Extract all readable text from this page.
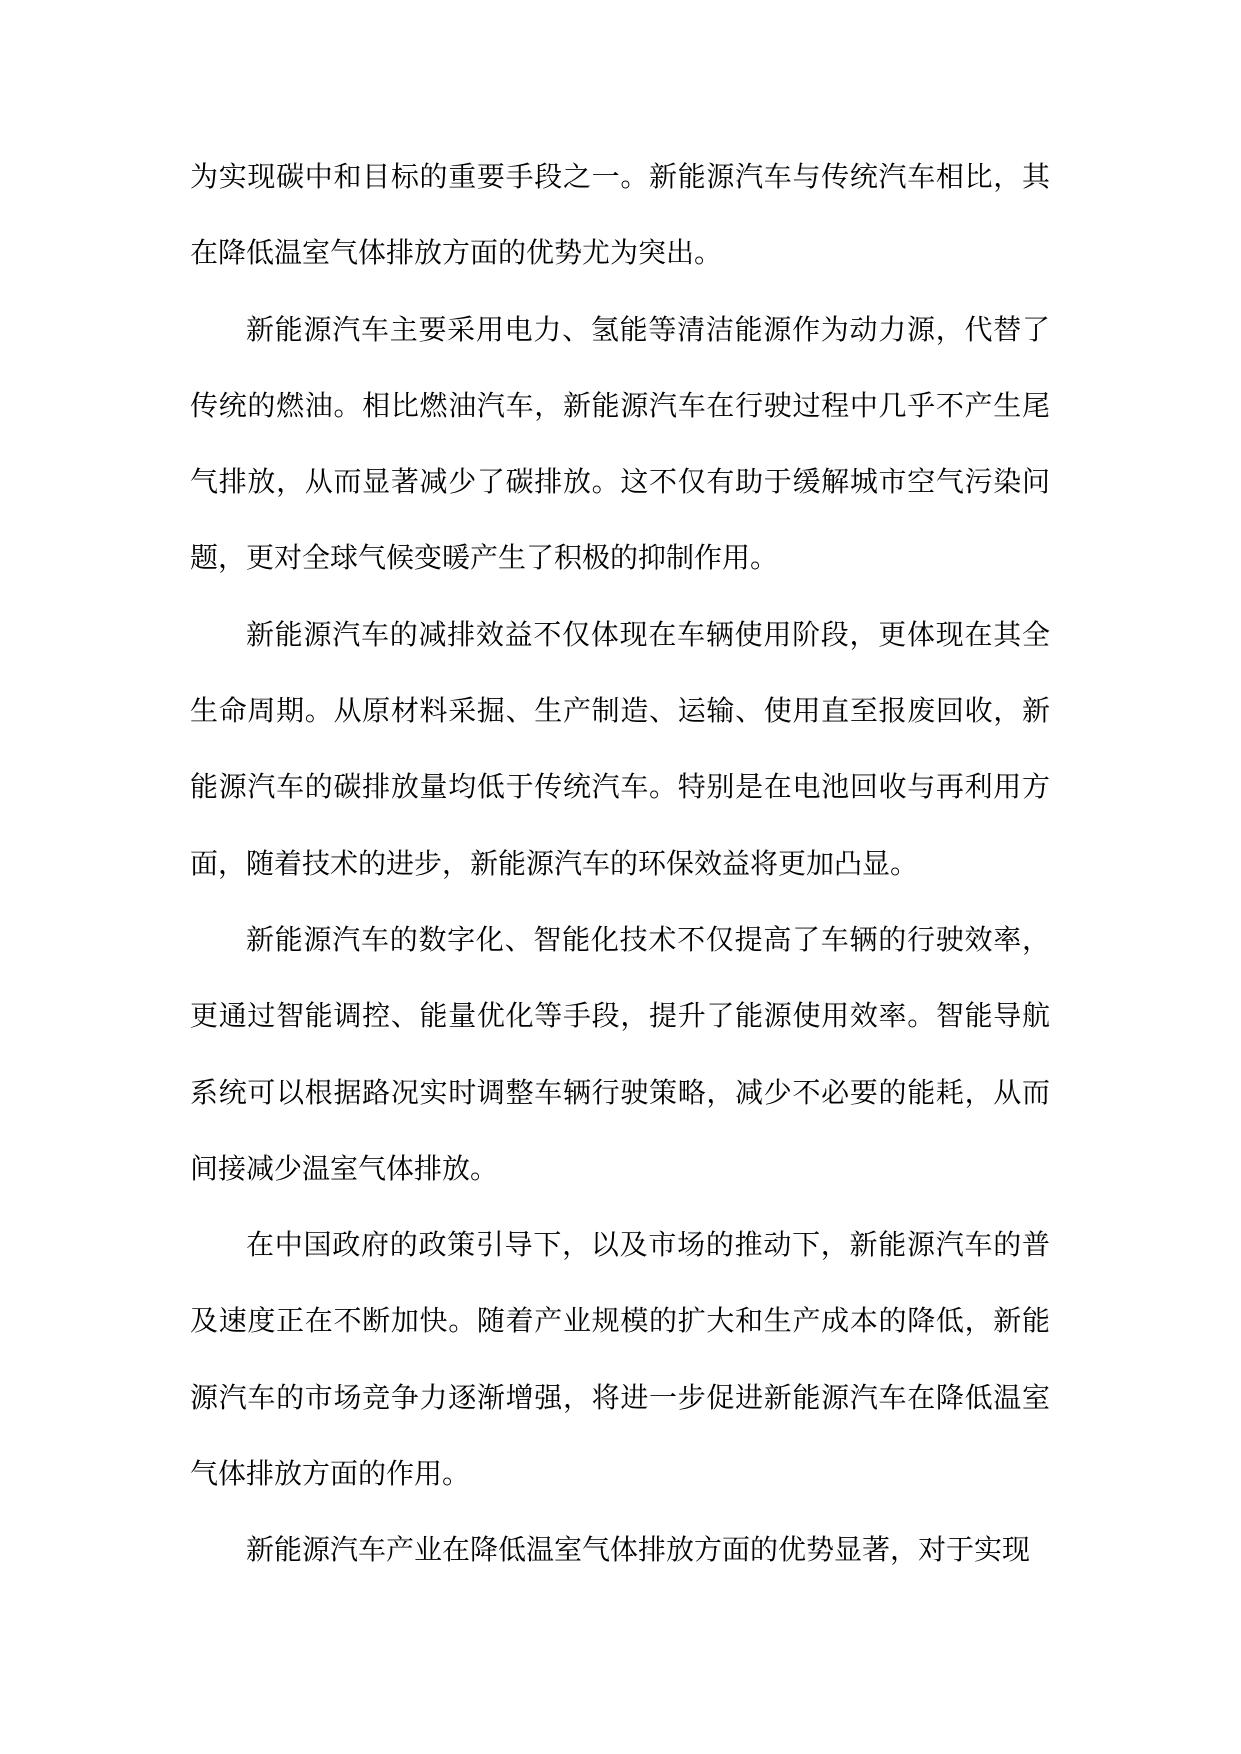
为实现碳中和目标的重要手段之一。新能源汽车与传统汽车相比，其在降低温室气体排放方面的优势尤为突出。

新能源汽车主要采用电力、氢能等清洁能源作为动力源，代替了传统的燃油。相比燃油汽车，新能源汽车在行驶过程中几乎不产生尾气排放，从而显著减少了碳排放。这不仅有助于缓解城市空气污染问题，更对全球气候变暖产生了积极的抑制作用。

新能源汽车的减排效益不仅体现在车辆使用阶段，更体现在其全生命周期。从原材料采掘、生产制造、运输、使用直至报废回收，新能源汽车的碳排放量均低于传统汽车。特别是在电池回收与再利用方面，随着技术的进步，新能源汽车的环保效益将更加凸显。

新能源汽车的数字化、智能化技术不仅提高了车辆的行驶效率，更通过智能调控、能量优化等手段，提升了能源使用效率。智能导航系统可以根据路况实时调整车辆行驶策略，减少不必要的能耗，从而间接减少温室气体排放。

在中国政府的政策引导下，以及市场的推动下，新能源汽车的普及速度正在不断加快。随着产业规模的扩大和生产成本的降低，新能源汽车的市场竞争力逐渐增强，将进一步促进新能源汽车在降低温室气体排放方面的作用。

新能源汽车产业在降低温室气体排放方面的优势显著，对于实现
